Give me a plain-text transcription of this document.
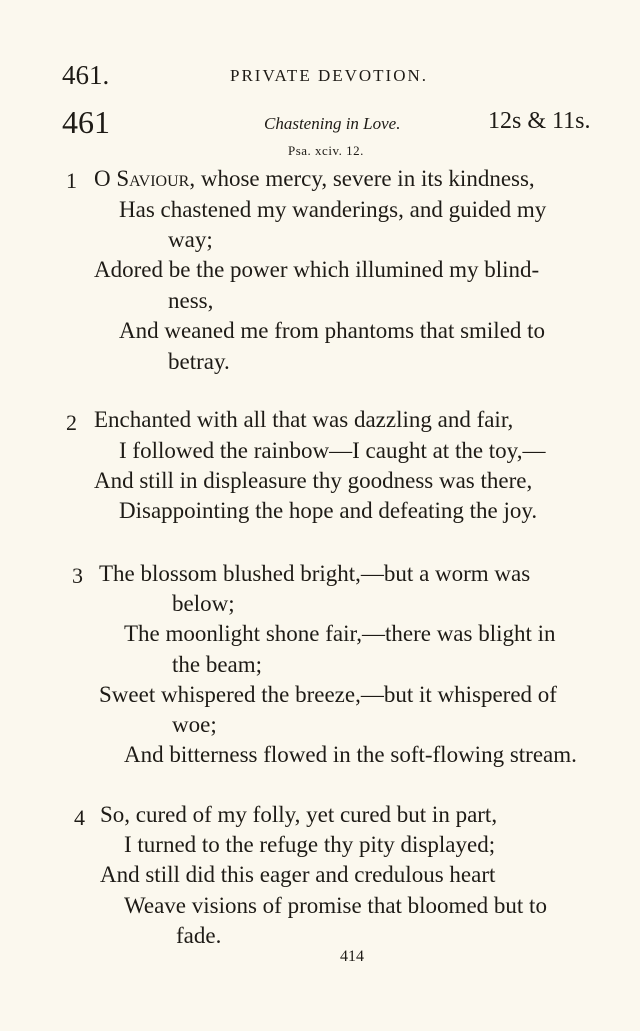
461.	PRIVATE DEVOTION.
461	Chastening in Love.	12s & 11s.
Psa. xciv. 12.
1 O Saviour, whose mercy, severe in its kindness,
Has chastened my wanderings, and guided my
way;
Adored be the power which illumined my blind-
ness,
And weaned me from phantoms that smiled to
betray.
2 Enchanted with all that was dazzling and fair,
I followed the rainbow—I caught at the toy,—
And still in displeasure thy goodness was there,
Disappointing the hope and defeating the joy.
3 The blossom blushed bright,—but a worm was
below;
The moonlight shone fair,—there was blight in
the beam;
Sweet whispered the breeze,—but it whispered of
woe;
And bitterness flowed in the soft-flowing stream.
4 So, cured of my folly, yet cured but in part,
I turned to the refuge thy pity displayed;
And still did this eager and credulous heart
Weave visions of promise that bloomed but to
fade.
414
